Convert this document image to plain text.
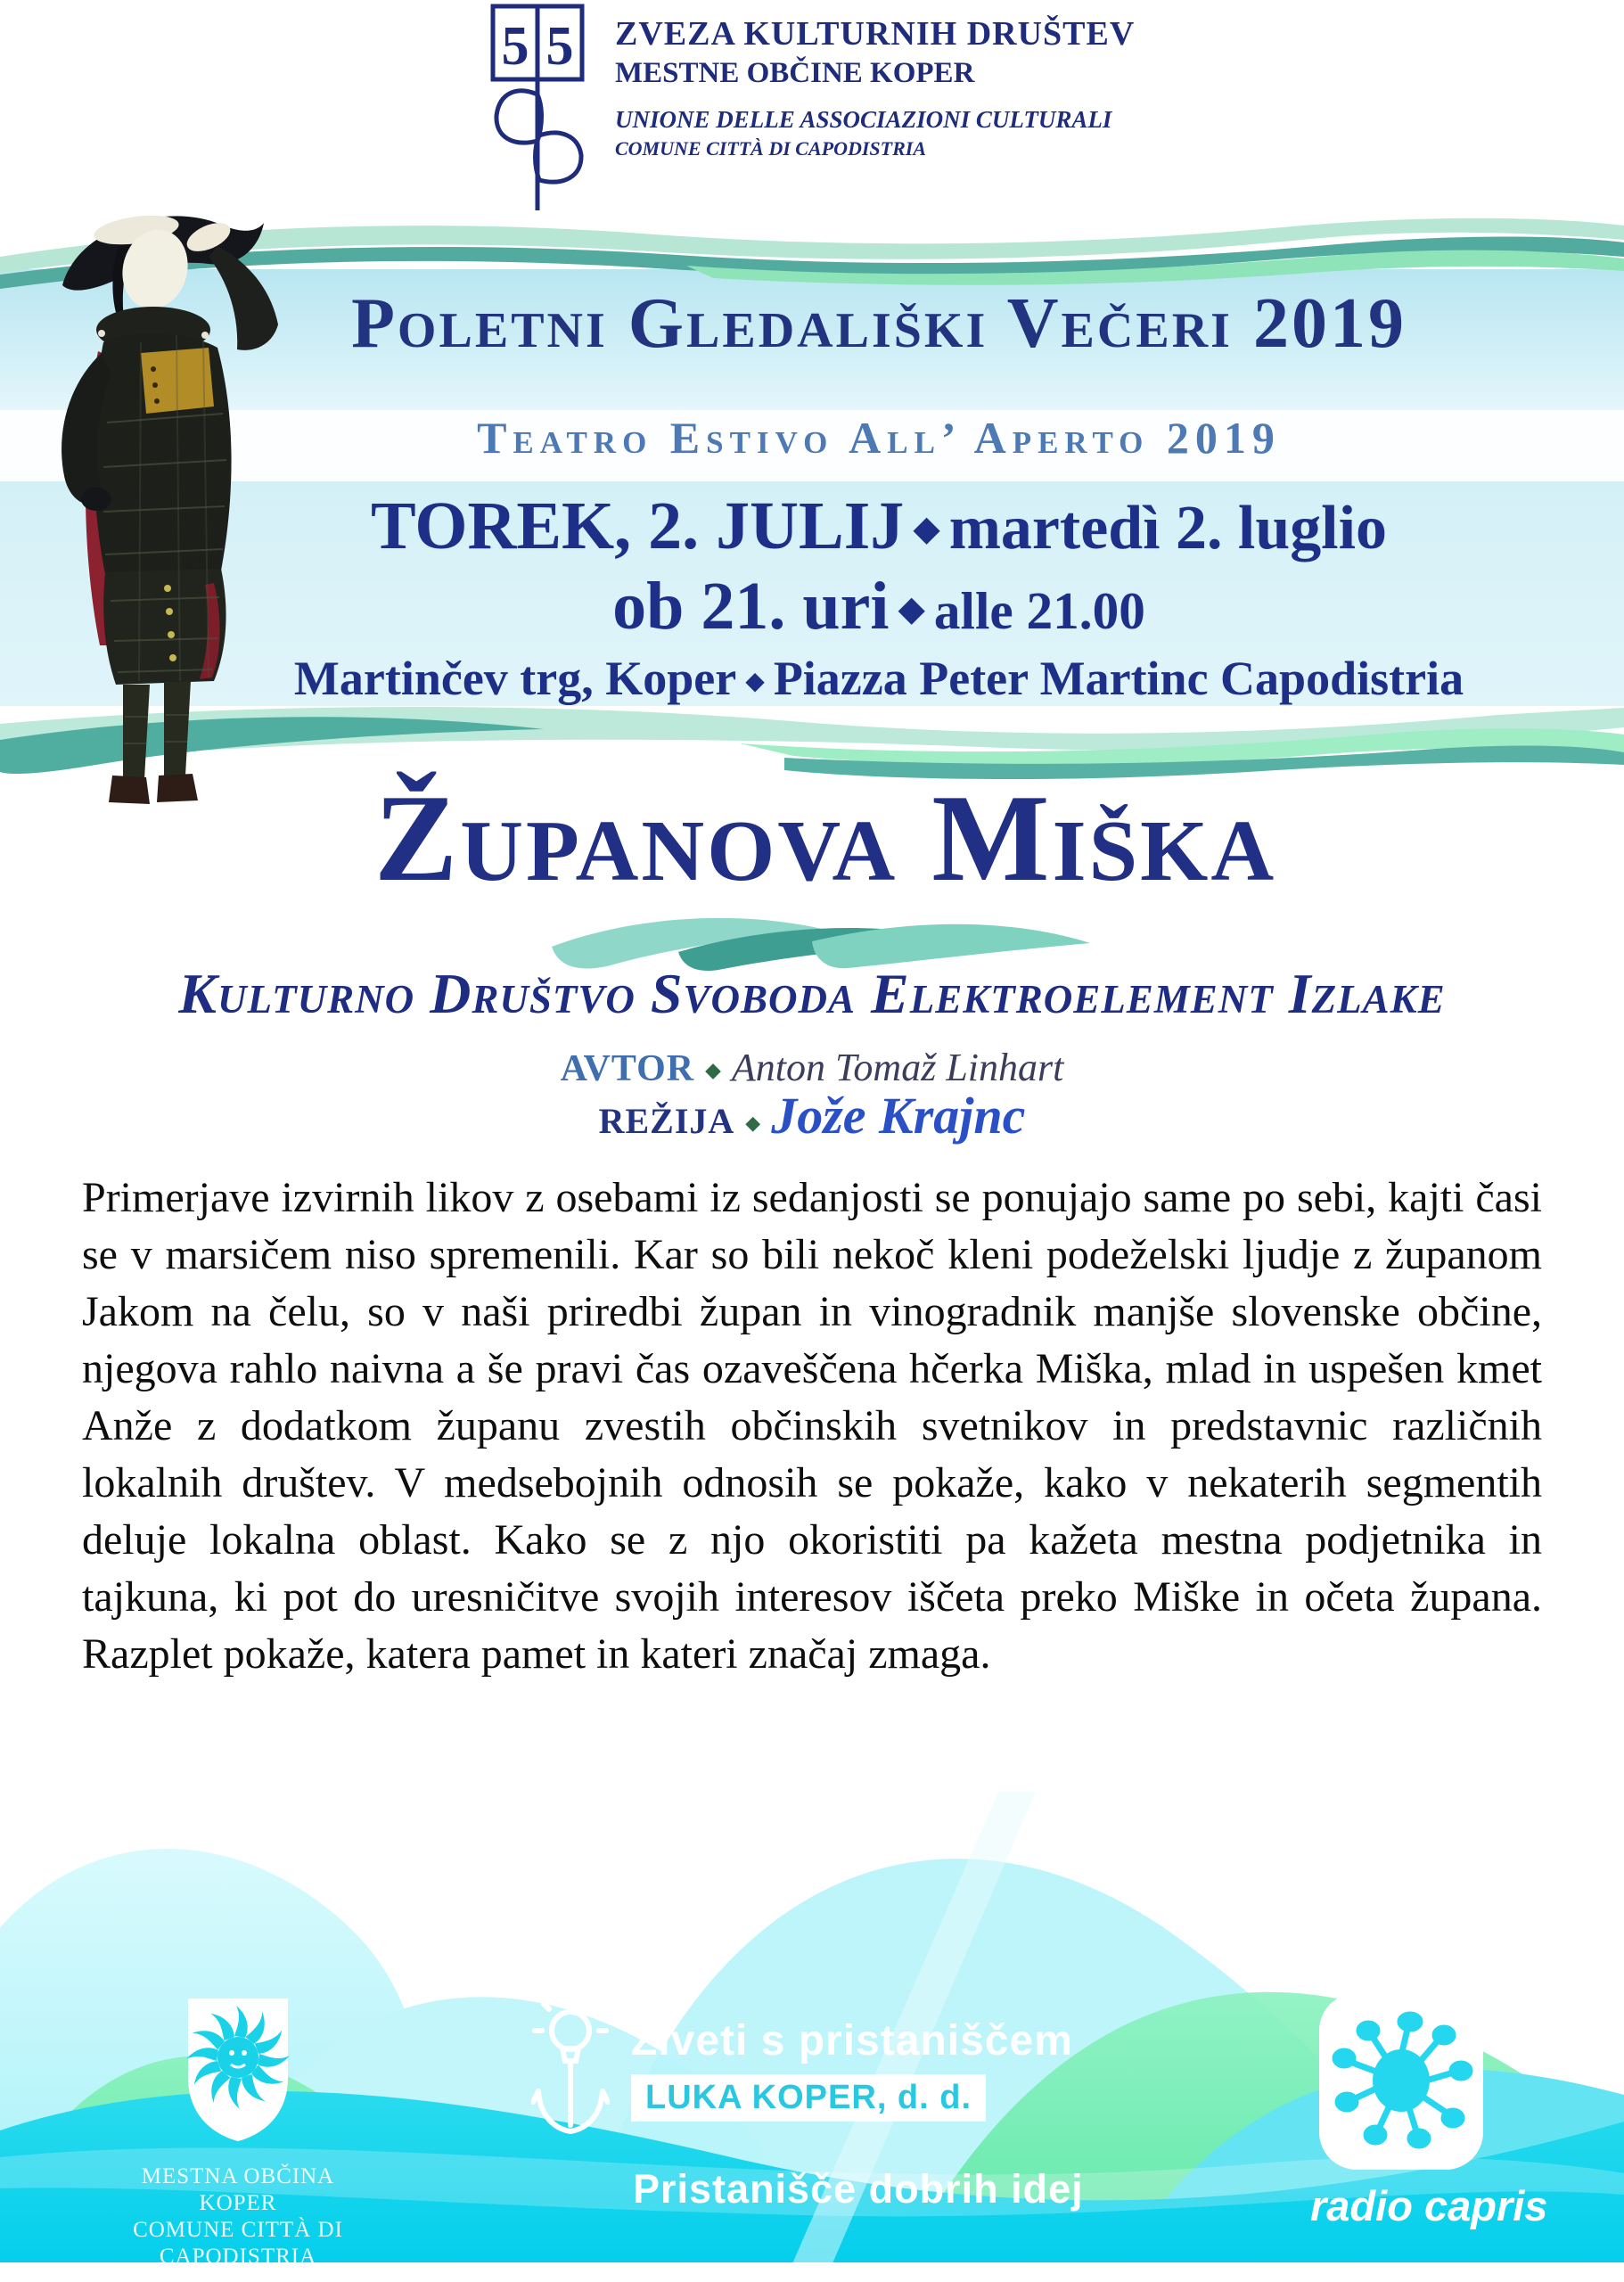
5 5 ZVEZA KULTURNIH DRUŠTEV
MESTNE OBČINE KOPER
UNIONE DELLE ASSOCIAZIONI CULTURALI
COMUNE CITTÀ DI CAPODISTRIA
Poletni Gledališki Večeri 2019
Teatro Estivo All’ Aperto 2019
TOREK, 2. JULIJ ◆ martedì 2. luglio
ob 21. uri ◆ alle 21.00
Martinčev trg, Koper ◆ Piazza Peter Martinc Capodistria
Županova Miška
Kulturno Društvo Svoboda Elektroelement Izlake
AVTOR ◆ Anton Tomaž Linhart
REŽIJA ◆ Jože Krajnc
Primerjave izvirnih likov z osebami iz sedanjosti se ponujajo same po sebi, kajti časi se v marsičem niso spremenili. Kar so bili nekoč kleni podeželski ljudje z županom Jakom na čelu, so v naši priredbi župan in vinogradnik manjše slovenske občine, njegova rahlo naivna a še pravi čas ozaveščena hčerka Miška, mlad in uspešen kmet Anže z dodatkom županu zvestih občinskih svetnikov in predstavnic različnih lokalnih društev. V medsebojnih odnosih se pokaže, kako v nekaterih segmentih deluje lokalna oblast. Kako se z njo okoristiti pa kažeta mestna podjetnika in tajkuna, ki pot do uresničitve svojih interesov iščeta preko Miške in očeta župana. Razplet pokaže, katera pamet in kateri značaj zmaga.
MESTNA OBČINA KOPER
COMUNE CITTÀ DI CAPODISTRIA
Živeti s pristaniščem
LUKA KOPER, d. d.
Pristanišče dobrih idej	radio capris
